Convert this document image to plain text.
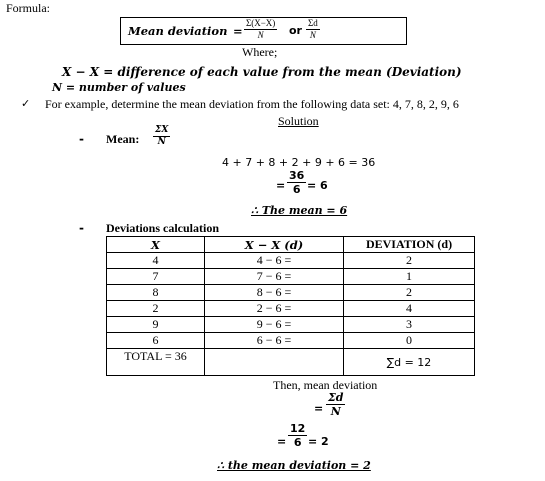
Formula:
Mean deviation =
Σ(X−X)
N or
Σd
N
Where;
X − X = difference of each value from the mean (Deviation)
N = number of values
✓ For example, determine the mean deviation from the following data set: 4, 7, 8, 2, 9, 6
Solution
- Mean:
ΣX
N
4 + 7 + 8 + 2 + 9 + 6 = 36
=
36
6 = 6
∴ The mean = 6
- Deviations calculation
X	X − X (d)	DEVIATION (d)
4	4 − 6 =	2
7	7 − 6 =	1
8	8 − 6 =	2
2	2 − 6 =	4
9	9 − 6 =	3
6	6 − 6 =	0
TOTAL = 36		∑d = 12
Then, mean deviation
=
Σd
N
=
12
6 = 2
∴ the mean deviation = 2
